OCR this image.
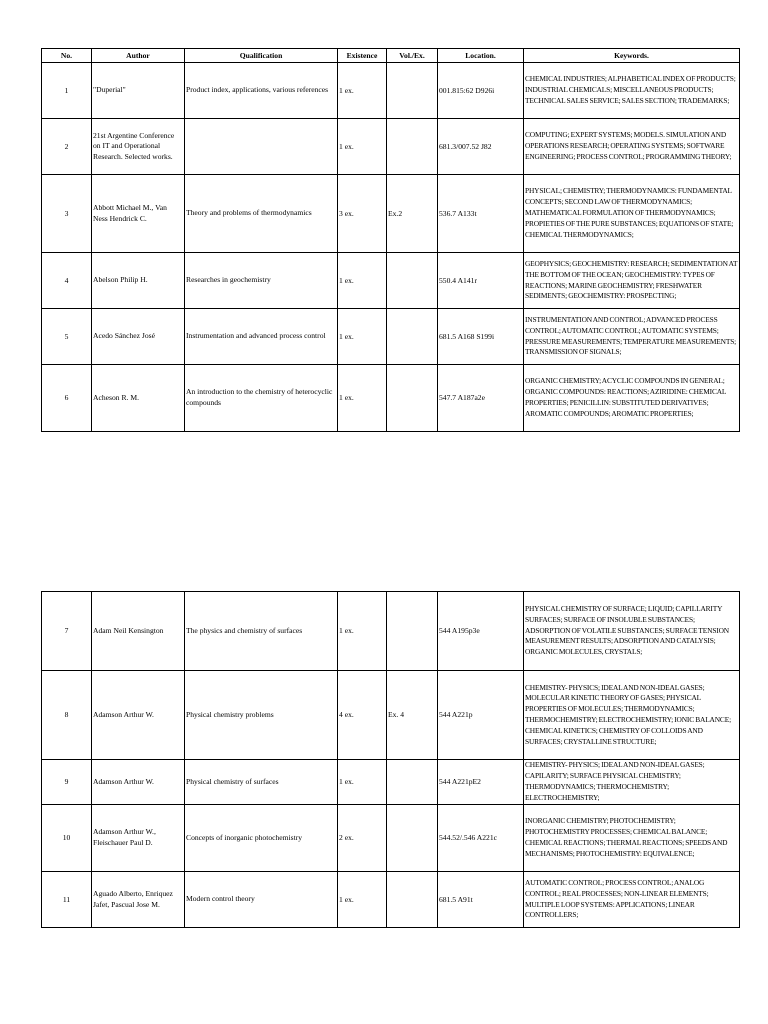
No.	Author	Qualification	Existence	Vol./Ex.	Location.	Keywords.
1	"Duperial"	Product index, applications, various references	1 ex.		001.815:62 D926i	CHEMICAL INDUSTRIES; ALPHABETICAL INDEX OF PRODUCTS; INDUSTRIAL CHEMICALS; MISCELLANEOUS PRODUCTS; TECHNICAL SALES SERVICE; SALES SECTION; TRADEMARKS;
2	21st Argentine Conference on IT and Operational Research. Selected works.		1 ex.		681.3/007.52 J82	COMPUTING; EXPERT SYSTEMS; MODELS. SIMULATION AND OPERATIONS RESEARCH; OPERATING SYSTEMS; SOFTWARE ENGINEERING; PROCESS CONTROL; PROGRAMMING THEORY;
3	Abbott Michael M., Van Ness Hendrick C.	Theory and problems of thermodynamics	3 ex.	Ex.2	536.7 A133t	PHYSICAL; CHEMISTRY; THERMODYNAMICS: FUNDAMENTAL CONCEPTS; SECOND LAW OF THERMODYNAMICS; MATHEMATICAL FORMULATION OF THERMODYNAMICS; PROPIETIES OF THE PURE SUBSTANCES; EQUATIONS OF STATE; CHEMICAL THERMODYNAMICS;
4	Abelson Philip H.	Researches in geochemistry	1 ex.		550.4 A141r	GEOPHYSICS; GEOCHEMISTRY: RESEARCH; SEDIMENTATION AT THE BOTTOM OF THE OCEAN; GEOCHEMISTRY: TYPES OF REACTIONS; MARINE GEOCHEMISTRY; FRESHWATER SEDIMENTS; GEOCHEMISTRY: PROSPECTING;
5	Acedo Sánchez José	Instrumentation and advanced process control	1 ex.		681.5 A168 S199i	INSTRUMENTATION AND CONTROL; ADVANCED PROCESS CONTROL; AUTOMATIC CONTROL; AUTOMATIC SYSTEMS; PRESSURE MEASUREMENTS; TEMPERATURE MEASUREMENTS; TRANSMISSION OF SIGNALS;
6	Acheson R. M.	An introduction to the chemistry of heterocyclic compounds	1 ex.		547.7 A187a2e	ORGANIC CHEMISTRY; ACYCLIC COMPOUNDS IN GENERAL; ORGANIC COMPOUNDS: REACTIONS; AZIRIDINE: CHEMICAL PROPERTIES; PENICILLIN: SUBSTITUTED DERIVATIVES; AROMATIC COMPOUNDS; AROMATIC PROPERTIES;
7	Adam Neil Kensington	The physics and chemistry of surfaces	1 ex.		544 A195p3e	PHYSICAL CHEMISTRY OF SURFACE; LIQUID; CAPILLARITY SURFACES; SURFACE OF INSOLUBLE SUBSTANCES; ADSORPTION OF VOLATILE SUBSTANCES; SURFACE TENSION MEASUREMENT RESULTS; ADSORPTION AND CATALYSIS; ORGANIC MOLECULES, CRYSTALS;
8	Adamson Arthur W.	Physical chemistry problems	4 ex.	Ex. 4	544 A221p	CHEMISTRY- PHYSICS; IDEAL AND NON-IDEAL GASES; MOLECULAR KINETIC THEORY OF GASES; PHYSICAL PROPERTIES OF MOLECULES; THERMODYNAMICS; THERMOCHEMISTRY; ELECTROCHEMISTRY; IONIC BALANCE; CHEMICAL KINETICS; CHEMISTRY OF COLLOIDS AND SURFACES; CRYSTALLINE STRUCTURE;
9	Adamson Arthur W.	Physical chemistry of surfaces	1 ex.		544 A221pE2	CHEMISTRY- PHYSICS; IDEAL AND NON-IDEAL GASES; CAPILARITY; SURFACE PHYSICAL CHEMISTRY; THERMODYNAMICS; THERMOCHEMISTRY; ELECTROCHEMISTRY;
10	Adamson Arthur W., Fleischauer Paul D.	Concepts of inorganic photochemistry	2 ex.		544.52/.546 A221c	INORGANIC CHEMISTRY; PHOTOCHEMISTRY; PHOTOCHEMISTRY PROCESSES; CHEMICAL BALANCE; CHEMICAL REACTIONS; THERMAL REACTIONS; SPEEDS AND MECHANISMS; PHOTOCHEMISTRY: EQUIVALENCE;
11	Aguado Alberto, Enriquez Jafet, Pascual Jose M.	Modern control theory	1 ex.		681.5 A91t	AUTOMATIC CONTROL; PROCESS CONTROL; ANALOG CONTROL; REAL PROCESSES; NON-LINEAR ELEMENTS; MULTIPLE LOOP SYSTEMS: APPLICATIONS; LINEAR CONTROLLERS;
